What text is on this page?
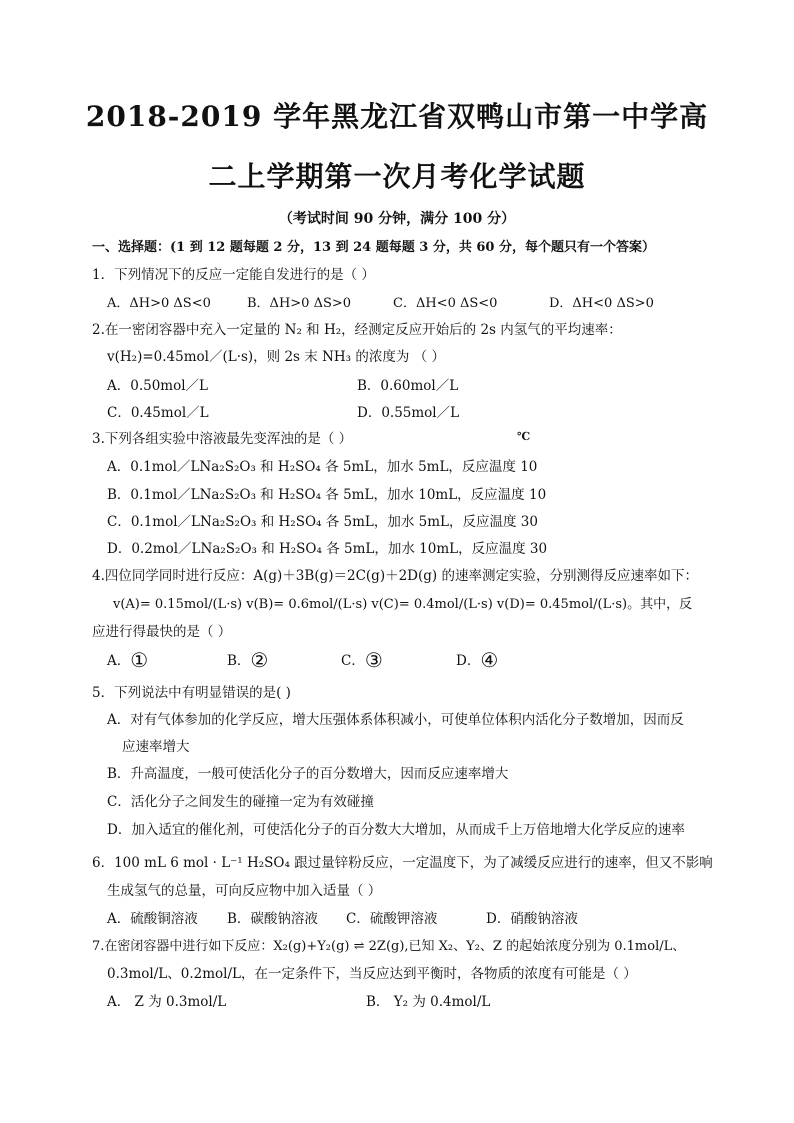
2018-2019 学年黑龙江省双鸭山市第一中学高
二上学期第一次月考化学试题
（考试时间 90 分钟，满分 100 分）
一、选择题：(1 到 12 题每题 2 分，13 到 24 题每题 3 分，共 60 分，每个题只有一个答案）
1．下列情况下的反应一定能自发进行的是（ ）
A．ΔH>0 ΔS<0	B．ΔH>0 ΔS>0	C．ΔH<0 ΔS<0	D．ΔH<0 ΔS>0
2.在一密闭容器中充入一定量的 N₂ 和 H₂，经测定反应开始后的 2s 内氢气的平均速率：
v(H₂)=0.45mol／(L·s)，则 2s 末 NH₃ 的浓度为 （ ）
A．0.50mol／L	B．0.60mol／L
C．0.45mol／L	D．0.55mol／L
3.下列各组实验中溶液最先变浑浊的是（ ）	℃
A．0.1mol／LNa₂S₂O₃ 和 H₂SO₄ 各 5mL，加水 5mL，反应温度 10
B．0.1mol／LNa₂S₂O₃ 和 H₂SO₄ 各 5mL，加水 10mL，反应温度 10
C．0.1mol／LNa₂S₂O₃ 和 H₂SO₄ 各 5mL，加水 5mL，反应温度 30
D．0.2mol／LNa₂S₂O₃ 和 H₂SO₄ 各 5mL，加水 10mL，反应温度 30
4.四位同学同时进行反应：A(g)＋3B(g)＝2C(g)＋2D(g) 的速率测定实验，分别测得反应速率如下：
v(A)= 0.15mol/(L·s) v(B)= 0.6mol/(L·s) v(C)= 0.4mol/(L·s) v(D)= 0.45mol/(L·s)。其中，反
应进行得最快的是（ ）
A．①	B．②	C．③	D．④
5．下列说法中有明显错误的是( )
A．对有气体参加的化学反应，增大压强体系体积减小，可使单位体积内活化分子数增加，因而反
应速率增大
B．升高温度，一般可使活化分子的百分数增大，因而反应速率增大
C．活化分子之间发生的碰撞一定为有效碰撞
D．加入适宜的催化剂，可使活化分子的百分数大大增加，从而成千上万倍地增大化学反应的速率
6．100 mL 6 mol · L⁻¹ H₂SO₄ 跟过量锌粉反应，一定温度下，为了减缓反应进行的速率，但又不影响
生成氢气的总量，可向反应物中加入适量（ ）
A．硫酸铜溶液 B．碳酸钠溶液 C．硫酸钾溶液	D．硝酸钠溶液
7.在密闭容器中进行如下反应：X₂(g)+Y₂(g) ⇌ 2Z(g),已知 X₂、Y₂、Z 的起始浓度分别为 0.1mol/L、
0.3mol/L、0.2mol/L，在一定条件下，当反应达到平衡时，各物质的浓度有可能是（ ）
A． Z 为 0.3mol/L	B． Y₂ 为 0.4mol/L
